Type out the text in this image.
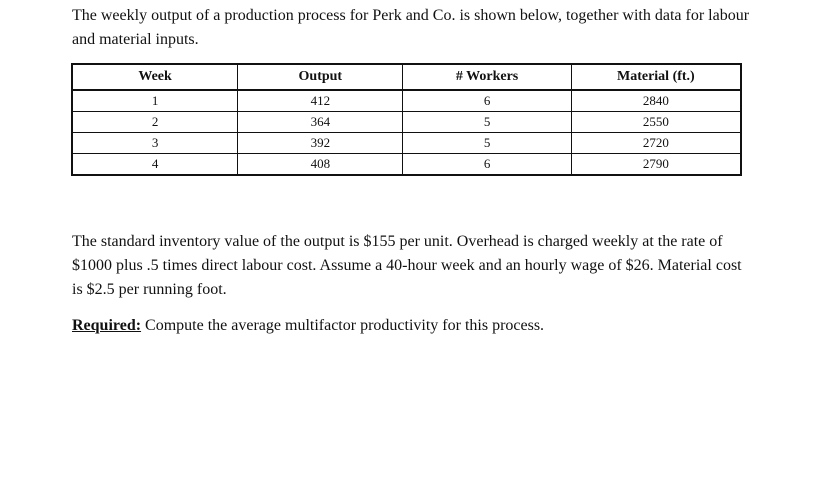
The weekly output of a production process for Perk and Co. is shown below, together with data for labour and material inputs.

Week	Output	# Workers	Material (ft.)
1	412	6	2840
2	364	5	2550
3	392	5	2720
4	408	6	2790

The standard inventory value of the output is $155 per unit. Overhead is charged weekly at the rate of $1000 plus .5 times direct labour cost. Assume a 40-hour week and an hourly wage of $26. Material cost is $2.5 per running foot.

Required: Compute the average multifactor productivity for this process.
